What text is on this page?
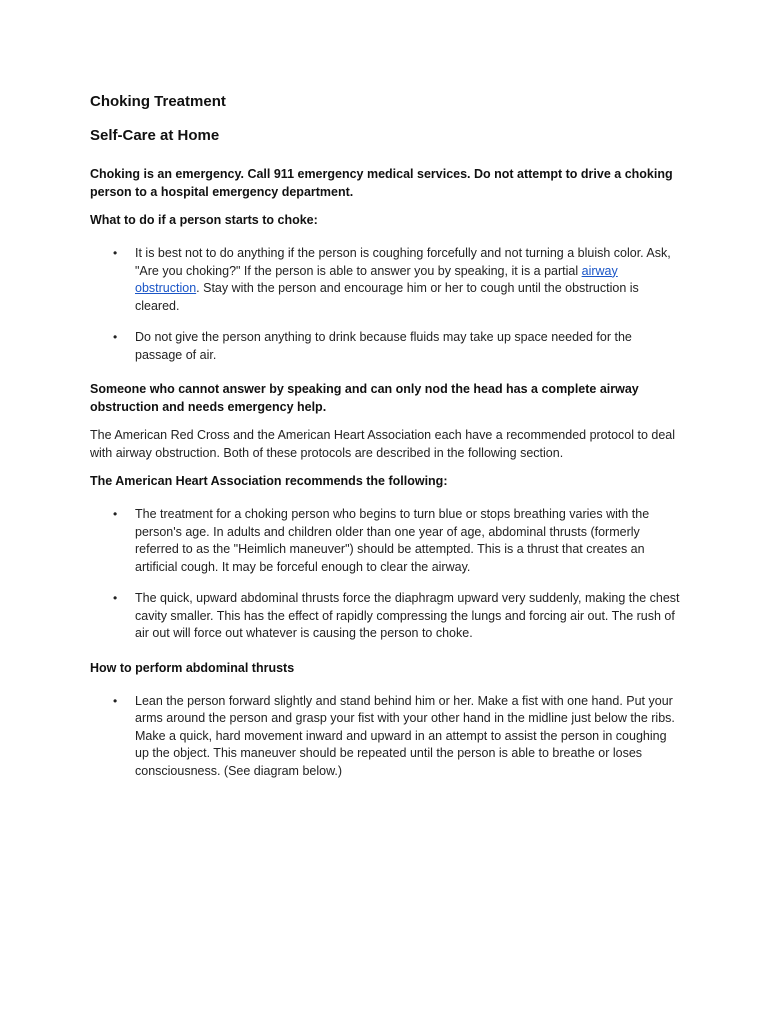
Choking Treatment
Self-Care at Home

Choking is an emergency. Call 911 emergency medical services. Do not attempt to drive a choking person to a hospital emergency department.

What to do if a person starts to choke:

• It is best not to do anything if the person is coughing forcefully and not turning a bluish color. Ask, "Are you choking?" If the person is able to answer you by speaking, it is a partial airway obstruction. Stay with the person and encourage him or her to cough until the obstruction is cleared.
• Do not give the person anything to drink because fluids may take up space needed for the passage of air.

Someone who cannot answer by speaking and can only nod the head has a complete airway obstruction and needs emergency help.

The American Red Cross and the American Heart Association each have a recommended protocol to deal with airway obstruction. Both of these protocols are described in the following section.

The American Heart Association recommends the following:

• The treatment for a choking person who begins to turn blue or stops breathing varies with the person's age. In adults and children older than one year of age, abdominal thrusts (formerly referred to as the "Heimlich maneuver") should be attempted. This is a thrust that creates an artificial cough. It may be forceful enough to clear the airway.
• The quick, upward abdominal thrusts force the diaphragm upward very suddenly, making the chest cavity smaller. This has the effect of rapidly compressing the lungs and forcing air out. The rush of air out will force out whatever is causing the person to choke.

How to perform abdominal thrusts

• Lean the person forward slightly and stand behind him or her. Make a fist with one hand. Put your arms around the person and grasp your fist with your other hand in the midline just below the ribs. Make a quick, hard movement inward and upward in an attempt to assist the person in coughing up the object. This maneuver should be repeated until the person is able to breathe or loses consciousness. (See diagram below.)
